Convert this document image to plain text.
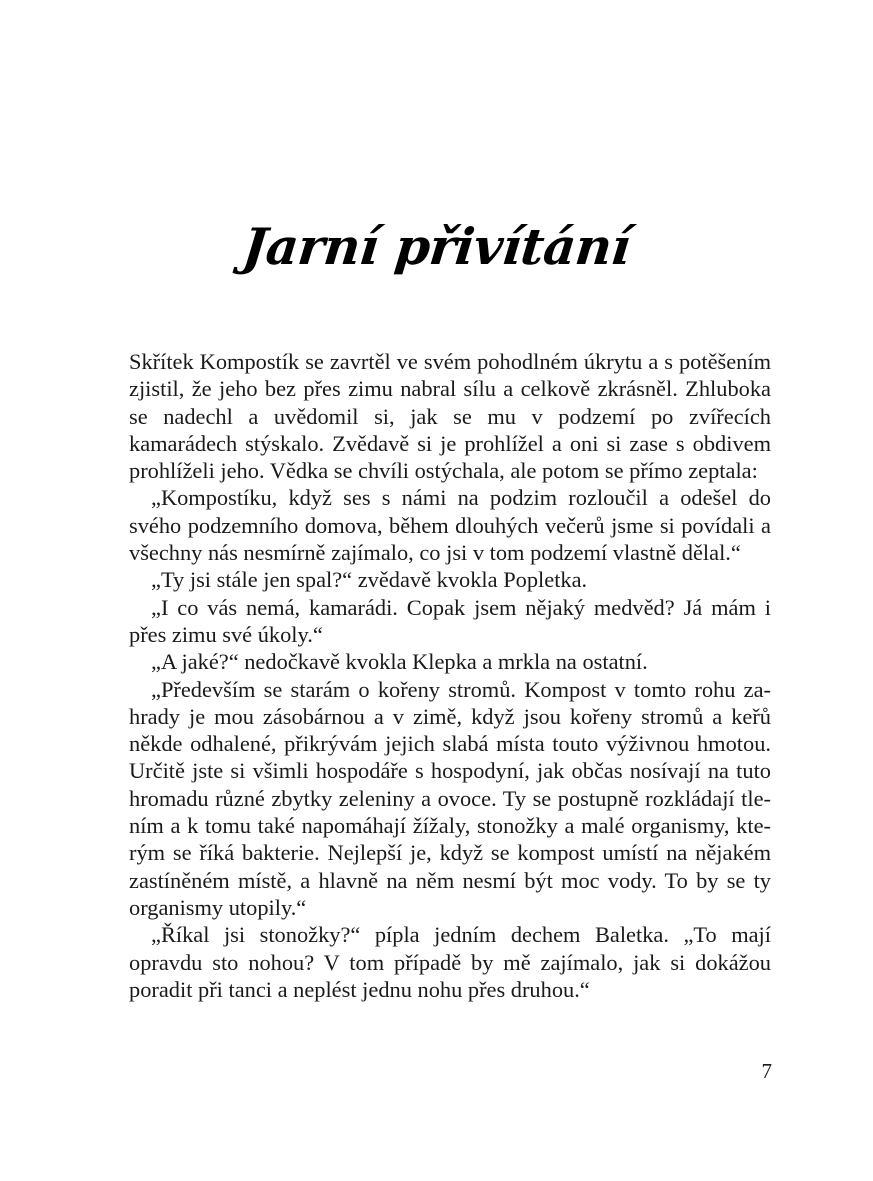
Jarní přivítání

Skřítek Kompostík se zavrtěl ve svém pohodlném úkrytu a s potěšením zjistil, že jeho bez přes zimu nabral sílu a celkově zkrásněl. Zhluboka se nadechl a uvědomil si, jak se mu v podzemí po zvířecích kamarádech stýskalo. Zvědavě si je prohlížel a oni si zase s obdivem prohlíželi jeho. Vědka se chvíli ostýchala, ale potom se přímo zeptala:

„Kompostíku, když ses s námi na podzim rozloučil a odešel do svého podzemního domova, během dlouhých večerů jsme si povídali a všechny nás nesmírně zajímalo, co jsi v tom podzemí vlastně dělal.“

„Ty jsi stále jen spal?“ zvědavě kvokla Popletka.

„I co vás nemá, kamarádi. Copak jsem nějaký medvěd? Já mám i přes zimu své úkoly.“

„A jaké?“ nedočkavě kvokla Klepka a mrkla na ostatní.

„Především se starám o kořeny stromů. Kompost v tomto rohu zahrady je mou zásobárnou a v zimě, když jsou kořeny stromů a keřů někde odhalené, přikrývám jejich slabá místa touto výživnou hmotou. Určitě jste si všimli hospodáře s hospodyní, jak občas nosívají na tuto hromadu různé zbytky zeleniny a ovoce. Ty se postupně rozkládají tlením a k tomu také napomáhají žížaly, stonožky a malé organismy, kterým se říká bakterie. Nejlepší je, když se kompost umístí na nějakém zastíněném místě, a hlavně na něm nesmí být moc vody. To by se ty organismy utopily.“

„Říkal jsi stonožky?“ pípla jedním dechem Baletka. „To mají opravdu sto nohou? V tom případě by mě zajímalo, jak si dokážou poradit při tanci a neplést jednu nohu přes druhou.“

7
